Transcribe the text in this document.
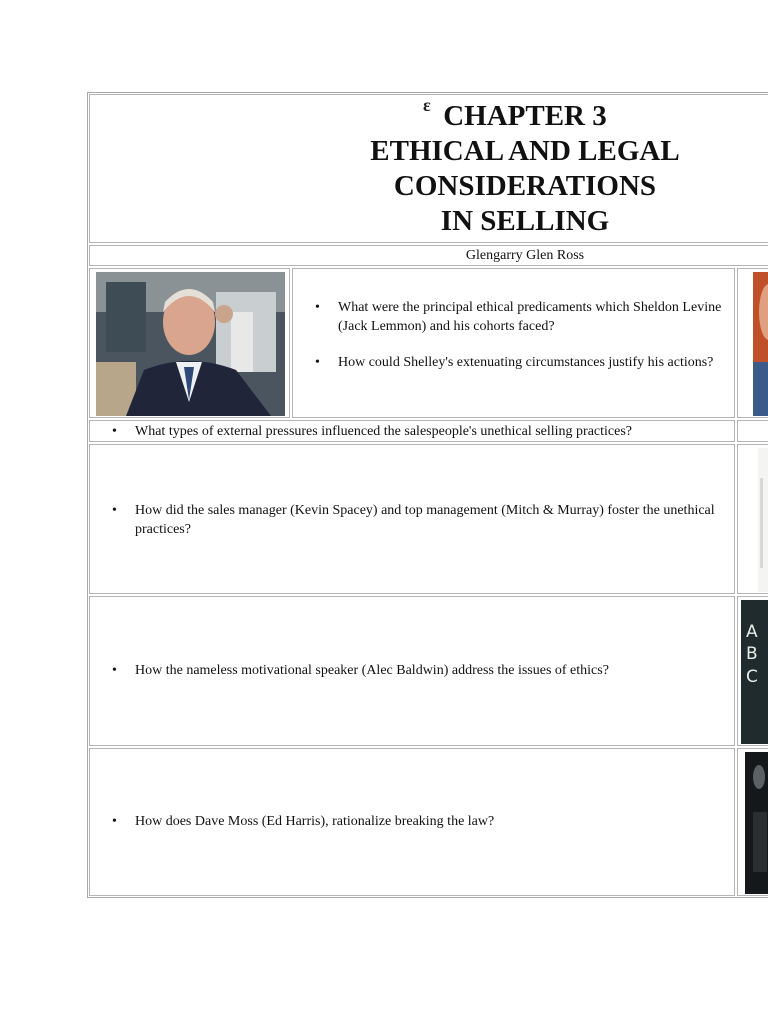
ε CHAPTER 3
ETHICAL AND LEGAL
CONSIDERATIONS
IN SELLING
Glengarry Glen Ross
•	What were the principal ethical predicaments which Sheldon Levine (Jack Lemmon) and his cohorts faced?
•	How could Shelley's extenuating circumstances justify his actions?
•	What types of external pressures influenced the salespeople's unethical selling practices?
•	How did the sales manager (Kevin Spacey) and top management (Mitch & Murray) foster the unethical practices?
•	How the nameless motivational speaker (Alec Baldwin) address the issues of ethics?
A
B
C
•	How does Dave Moss (Ed Harris), rationalize breaking the law?
